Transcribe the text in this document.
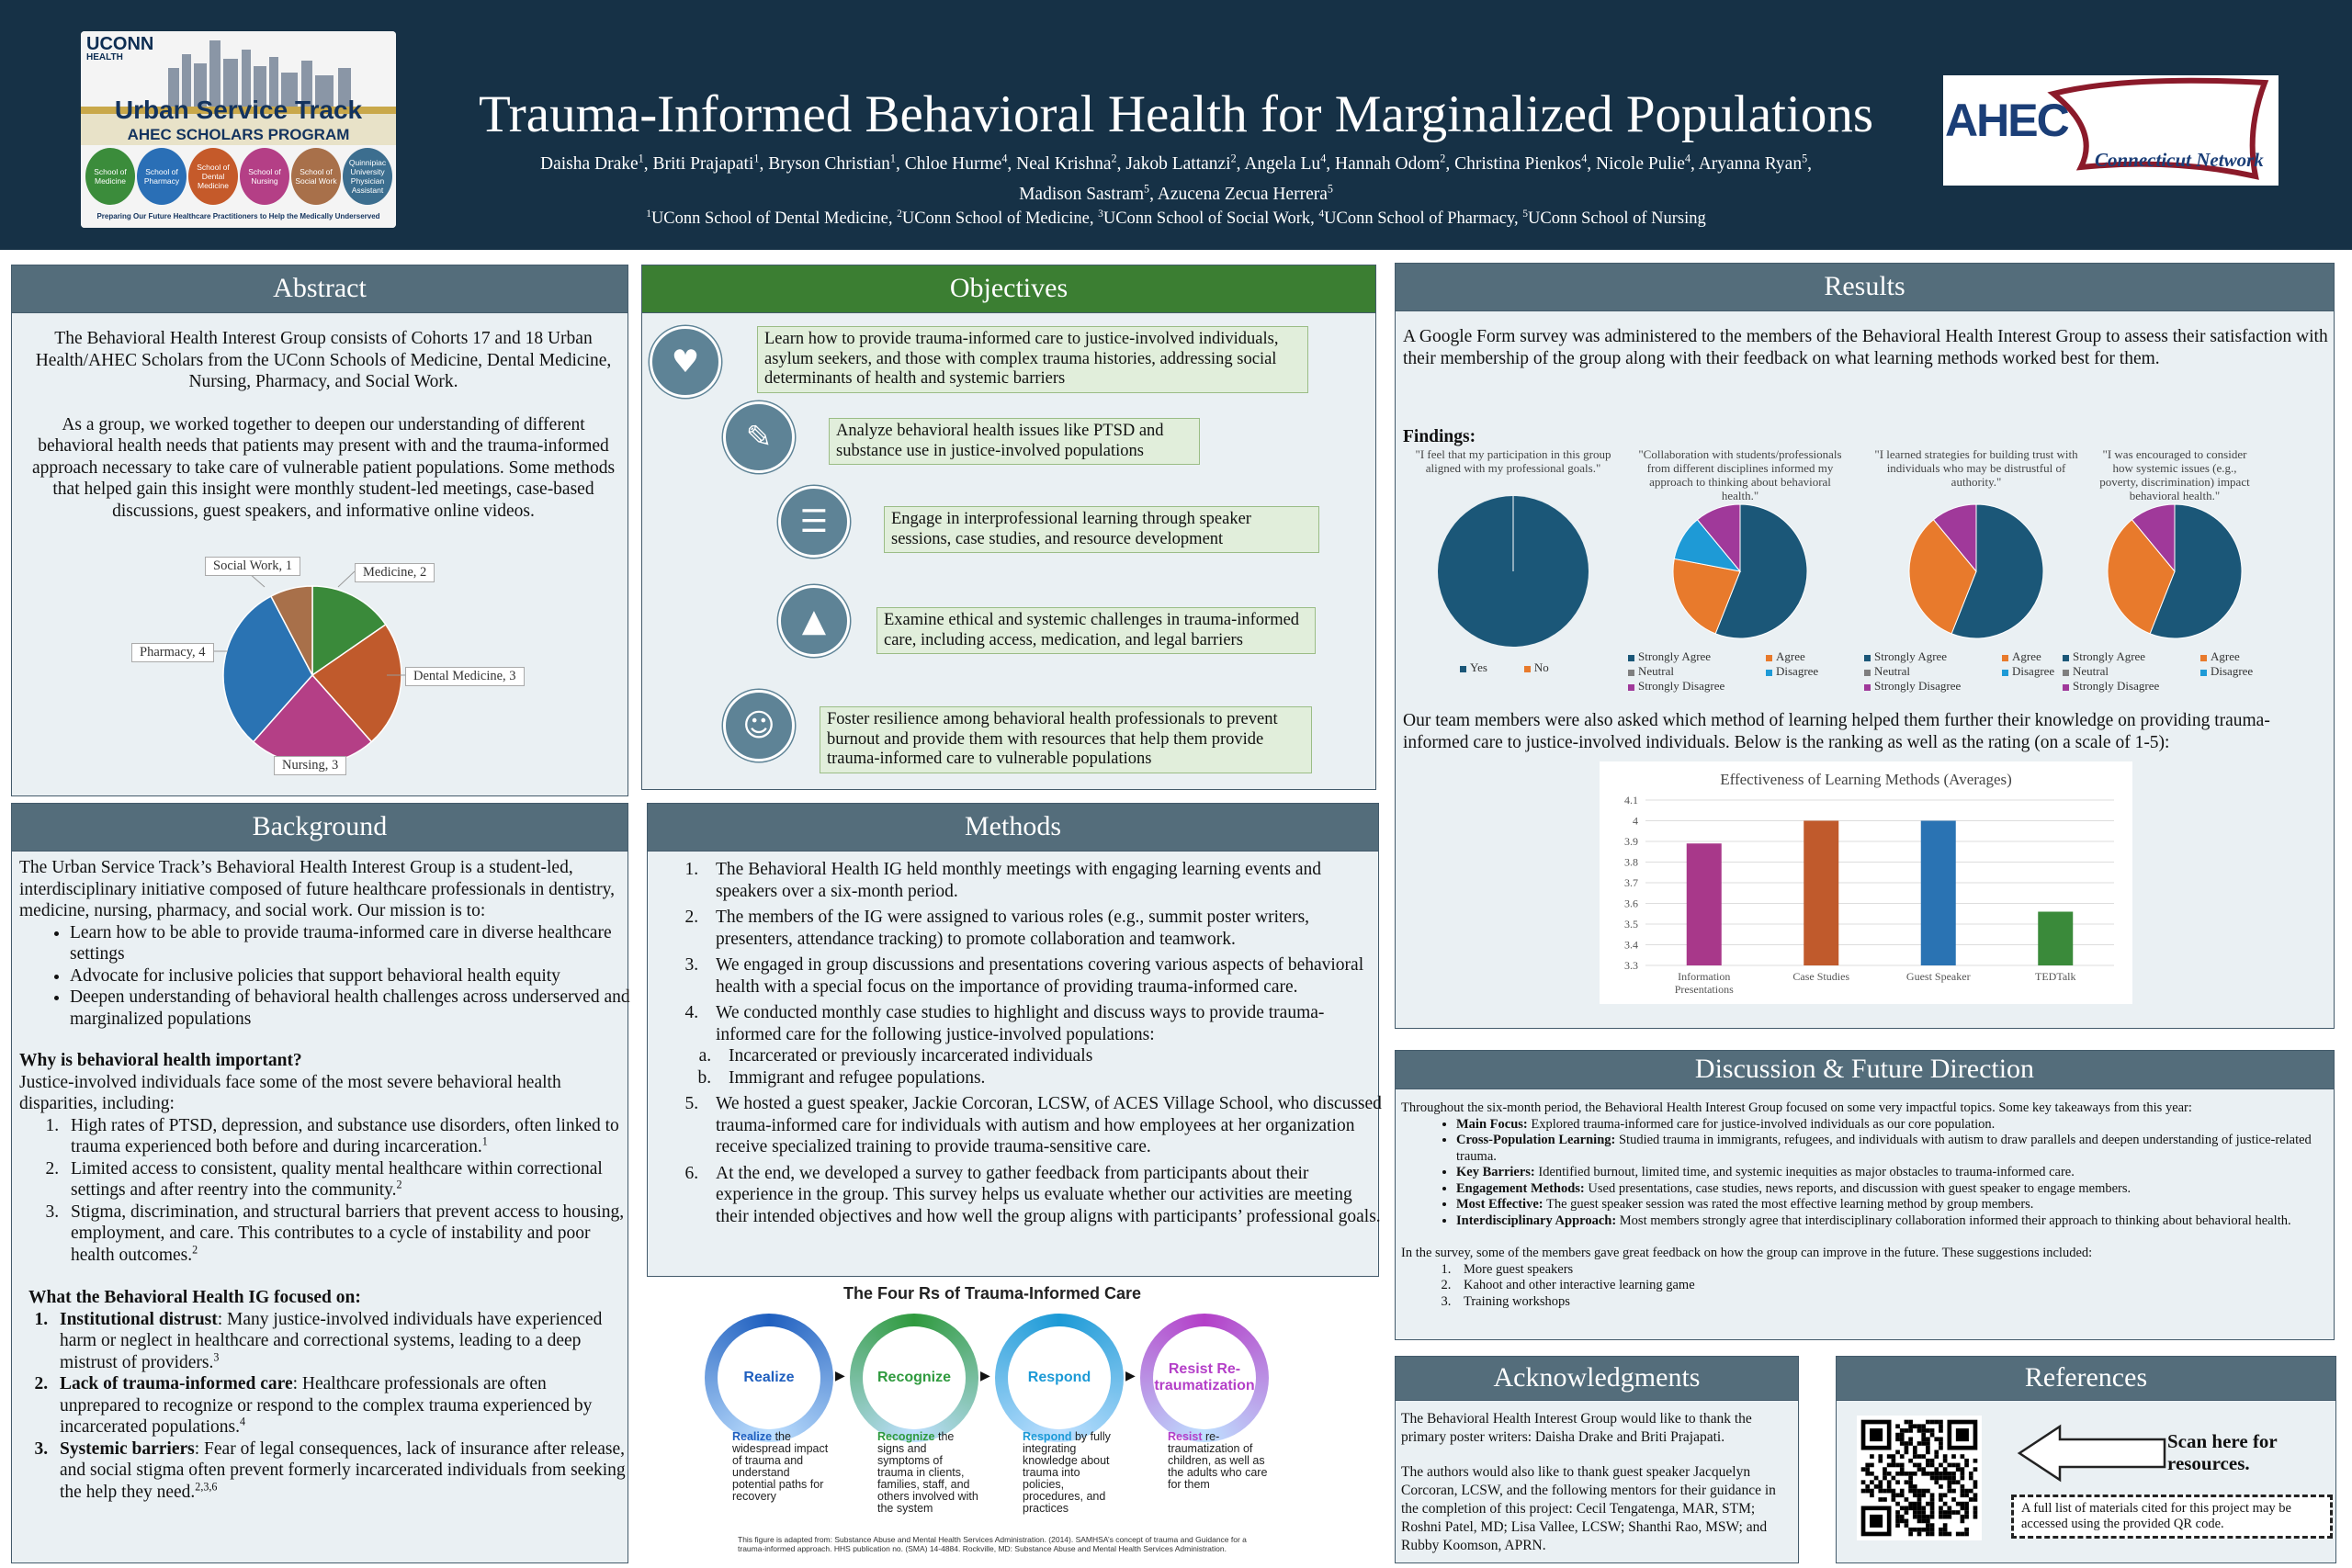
UCONN
HEALTH
Urban Service Track
AHEC SCHOLARS PROGRAM
School of Medicine
School of Pharmacy
School of Dental Medicine
School of Nursing
School of Social Work
Quinnipiac University Physician Assistant
Preparing Our Future Healthcare Practitioners to Help the Medically Underserved
Trauma-Informed Behavioral Health for Marginalized Populations
Daisha Drake$^1$, Briti Prajapati$^1$, Bryson Christian$^1$, Chloe Hurme$^4$, Neal Krishna$^2$, Jakob Lattanzi$^2$, Angela Lu$^4$, Hannah Odom$^2$, Christina Pienkos$^4$, Nicole Pulie$^4$, Aryanna Ryan$^5$,
Madison Sastram$^5$, Azucena Zecua Herrera$^5$
$^1$UConn School of Dental Medicine, $^2$UConn School of Medicine, $^3$UConn School of Social Work, $^4$UConn School of Pharmacy, $^5$UConn School of Nursing
AHEC
Connecticut Network
Abstract

The Behavioral Health Interest Group consists of Cohorts 17 and 18 Urban Health/AHEC Scholars from the UConn Schools of Medicine, Dental Medicine, Nursing, Pharmacy, and Social Work.

As a group, we worked together to deepen our understanding of different behavioral health needs that patients may present with and the trauma-informed approach necessary to take care of vulnerable patient populations. Some methods that helped gain this insight were monthly student-led meetings, case-based discussions, guest speakers, and informative online videos.

Medicine, 2
Dental Medicine, 3
Nursing, 3
Pharmacy, 4
Social Work, 1
Background

The Urban Service Track’s Behavioral Health Interest Group is a student-led, interdisciplinary initiative composed of future healthcare professionals in dentistry, medicine, nursing, pharmacy, and social work. Our mission is to:

• Learn how to be able to provide trauma-informed care in diverse healthcare settings
• Advocate for inclusive policies that support behavioral health equity
• Deepen understanding of behavioral health challenges across underserved and marginalized populations

Why is behavioral health important?

Justice-involved individuals face some of the most severe behavioral health disparities, including:

1. High rates of PTSD, depression, and substance use disorders, often linked to trauma experienced both before and during incarceration.$^1$
2. Limited access to consistent, quality mental healthcare within correctional settings and after reentry into the community.$^2$
3. Stigma, discrimination, and structural barriers that prevent access to housing, employment, and care. This contributes to a cycle of instability and poor health outcomes.$^2$

What the Behavioral Health IG focused on:

1. Institutional distrust: Many justice-involved individuals have experienced harm or neglect in healthcare and correctional systems, leading to a deep mistrust of providers.$^3$
2. Lack of trauma-informed care: Healthcare professionals are often unprepared to recognize or respond to the complex trauma experienced by incarcerated populations.$^4$
3. Systemic barriers: Fear of legal consequences, lack of insurance after release, and social stigma often prevent formerly incarcerated individuals from seeking the help they need.$^{2,3,6}$
Objectives
♥
Learn how to provide trauma-informed care to justice-involved individuals, asylum seekers, and those with complex trauma histories, addressing social determinants of health and systemic barriers
✎	Analyze behavioral health issues like PTSD and substance use in justice-involved populations
☰	Engage in interprofessional learning through speaker sessions, case studies, and resource development
▲	Examine ethical and systemic challenges in trauma-informed care, including access, medication, and legal barriers
☺	Foster resilience among behavioral health professionals to prevent burnout and provide them with resources that help them provide trauma-informed care to vulnerable populations
Methods
1. The Behavioral Health IG held monthly meetings with engaging learning events and speakers over a six-month period.
2. The members of the IG were assigned to various roles (e.g., summit poster writers, presenters, attendance tracking) to promote collaboration and teamwork.
3. We engaged in group discussions and presentations covering various aspects of behavioral health with a special focus on the importance of providing trauma-informed care.
4. We conducted monthly case studies to highlight and discuss ways to provide trauma-informed care for the following justice-involved populations:
a. Incarcerated or previously incarcerated individuals
b. Immigrant and refugee populations.
5. We hosted a guest speaker, Jackie Corcoran, LCSW, of ACES Village School, who discussed trauma-informed care for individuals with autism and how employees at her organization receive specialized training to provide trauma-sensitive care.
6. At the end, we developed a survey to gather feedback from participants about their experience in the group. This survey helps us evaluate whether our activities are meeting their intended objectives and how well the group aligns with participants’ professional goals.
The Four Rs of Trauma-Informed Care
Realize	▶
Realize the widespread impact of trauma and understand potential paths for recovery
Recognize	▶
Recognize the signs and symptoms of trauma in clients, families, staff, and others involved with the system
Respond	▶
Respond by fully integrating knowledge about trauma into policies, procedures, and practices
Resist Re-traumatization
Resist re-traumatization of children, as well as the adults who care for them
This figure is adapted from: Substance Abuse and Mental Health Services Administration. (2014). SAMHSA’s concept of trauma and Guidance for a trauma-informed approach. HHS publication no. (SMA) 14-4884. Rockville, MD: Substance Abuse and Mental Health Services Administration.
Results
A Google Form survey was administered to the members of the Behavioral Health Interest Group to assess their satisfaction with their membership of the group along with their feedback on what learning methods worked best for them.
Findings:
"I feel that my participation in this group aligned with my professional goals."
Yes	No
"Collaboration with students/professionals from different disciplines informed my approach to thinking about behavioral health."
Strongly Agree	Agree
Neutral	Disagree
Strongly Disagree
"I learned strategies for building trust with individuals who may be distrustful of authority."
Strongly Agree	Agree
Neutral	Disagree
Strongly Disagree
"I was encouraged to consider how systemic issues (e.g., poverty, discrimination) impact behavioral health."
Strongly Agree	Agree
Neutral	Disagree
Strongly Disagree
Our team members were also asked which method of learning helped them further their knowledge on providing trauma-informed care to justice-involved individuals. Below is the ranking as well as the rating (on a scale of 1-5):
Effectiveness of Learning Methods (Averages)
3.3
3.4
3.5
3.6
3.7
3.8
3.9
4
4.1
Information Presentations
Case Studies	Guest Speaker	TEDTalk
Discussion & Future Direction

Throughout the six-month period, the Behavioral Health Interest Group focused on some very impactful topics. Some key takeaways from this year:

• Main Focus: Explored trauma-informed care for justice-involved individuals as our core population.
• Cross-Population Learning: Studied trauma in immigrants, refugees, and individuals with autism to draw parallels and deepen understanding of justice-related trauma.
• Key Barriers: Identified burnout, limited time, and systemic inequities as major obstacles to trauma-informed care.
• Engagement Methods: Used presentations, case studies, news reports, and discussion with guest speaker to engage members.
• Most Effective: The guest speaker session was rated the most effective learning method by group members.
• Interdisciplinary Approach: Most members strongly agree that interdisciplinary collaboration informed their approach to thinking about behavioral health.

In the survey, some of the members gave great feedback on how the group can improve in the future. These suggestions included:

1. More guest speakers
2. Kahoot and other interactive learning game
3. Training workshops
Acknowledgments

The Behavioral Health Interest Group would like to thank the primary poster writers: Daisha Drake and Briti Prajapati.

The authors would also like to thank guest speaker Jacquelyn Corcoran, LCSW, and the following mentors for their guidance in the completion of this project: Cecil Tengatenga, MAR, STM; Roshni Patel, MD; Lisa Vallee, LCSW; Shanthi Rao, MSW; and Rubby Koomson, APRN.

References
Scan here for resources.
A full list of materials cited for this project may be accessed using the provided QR code.
